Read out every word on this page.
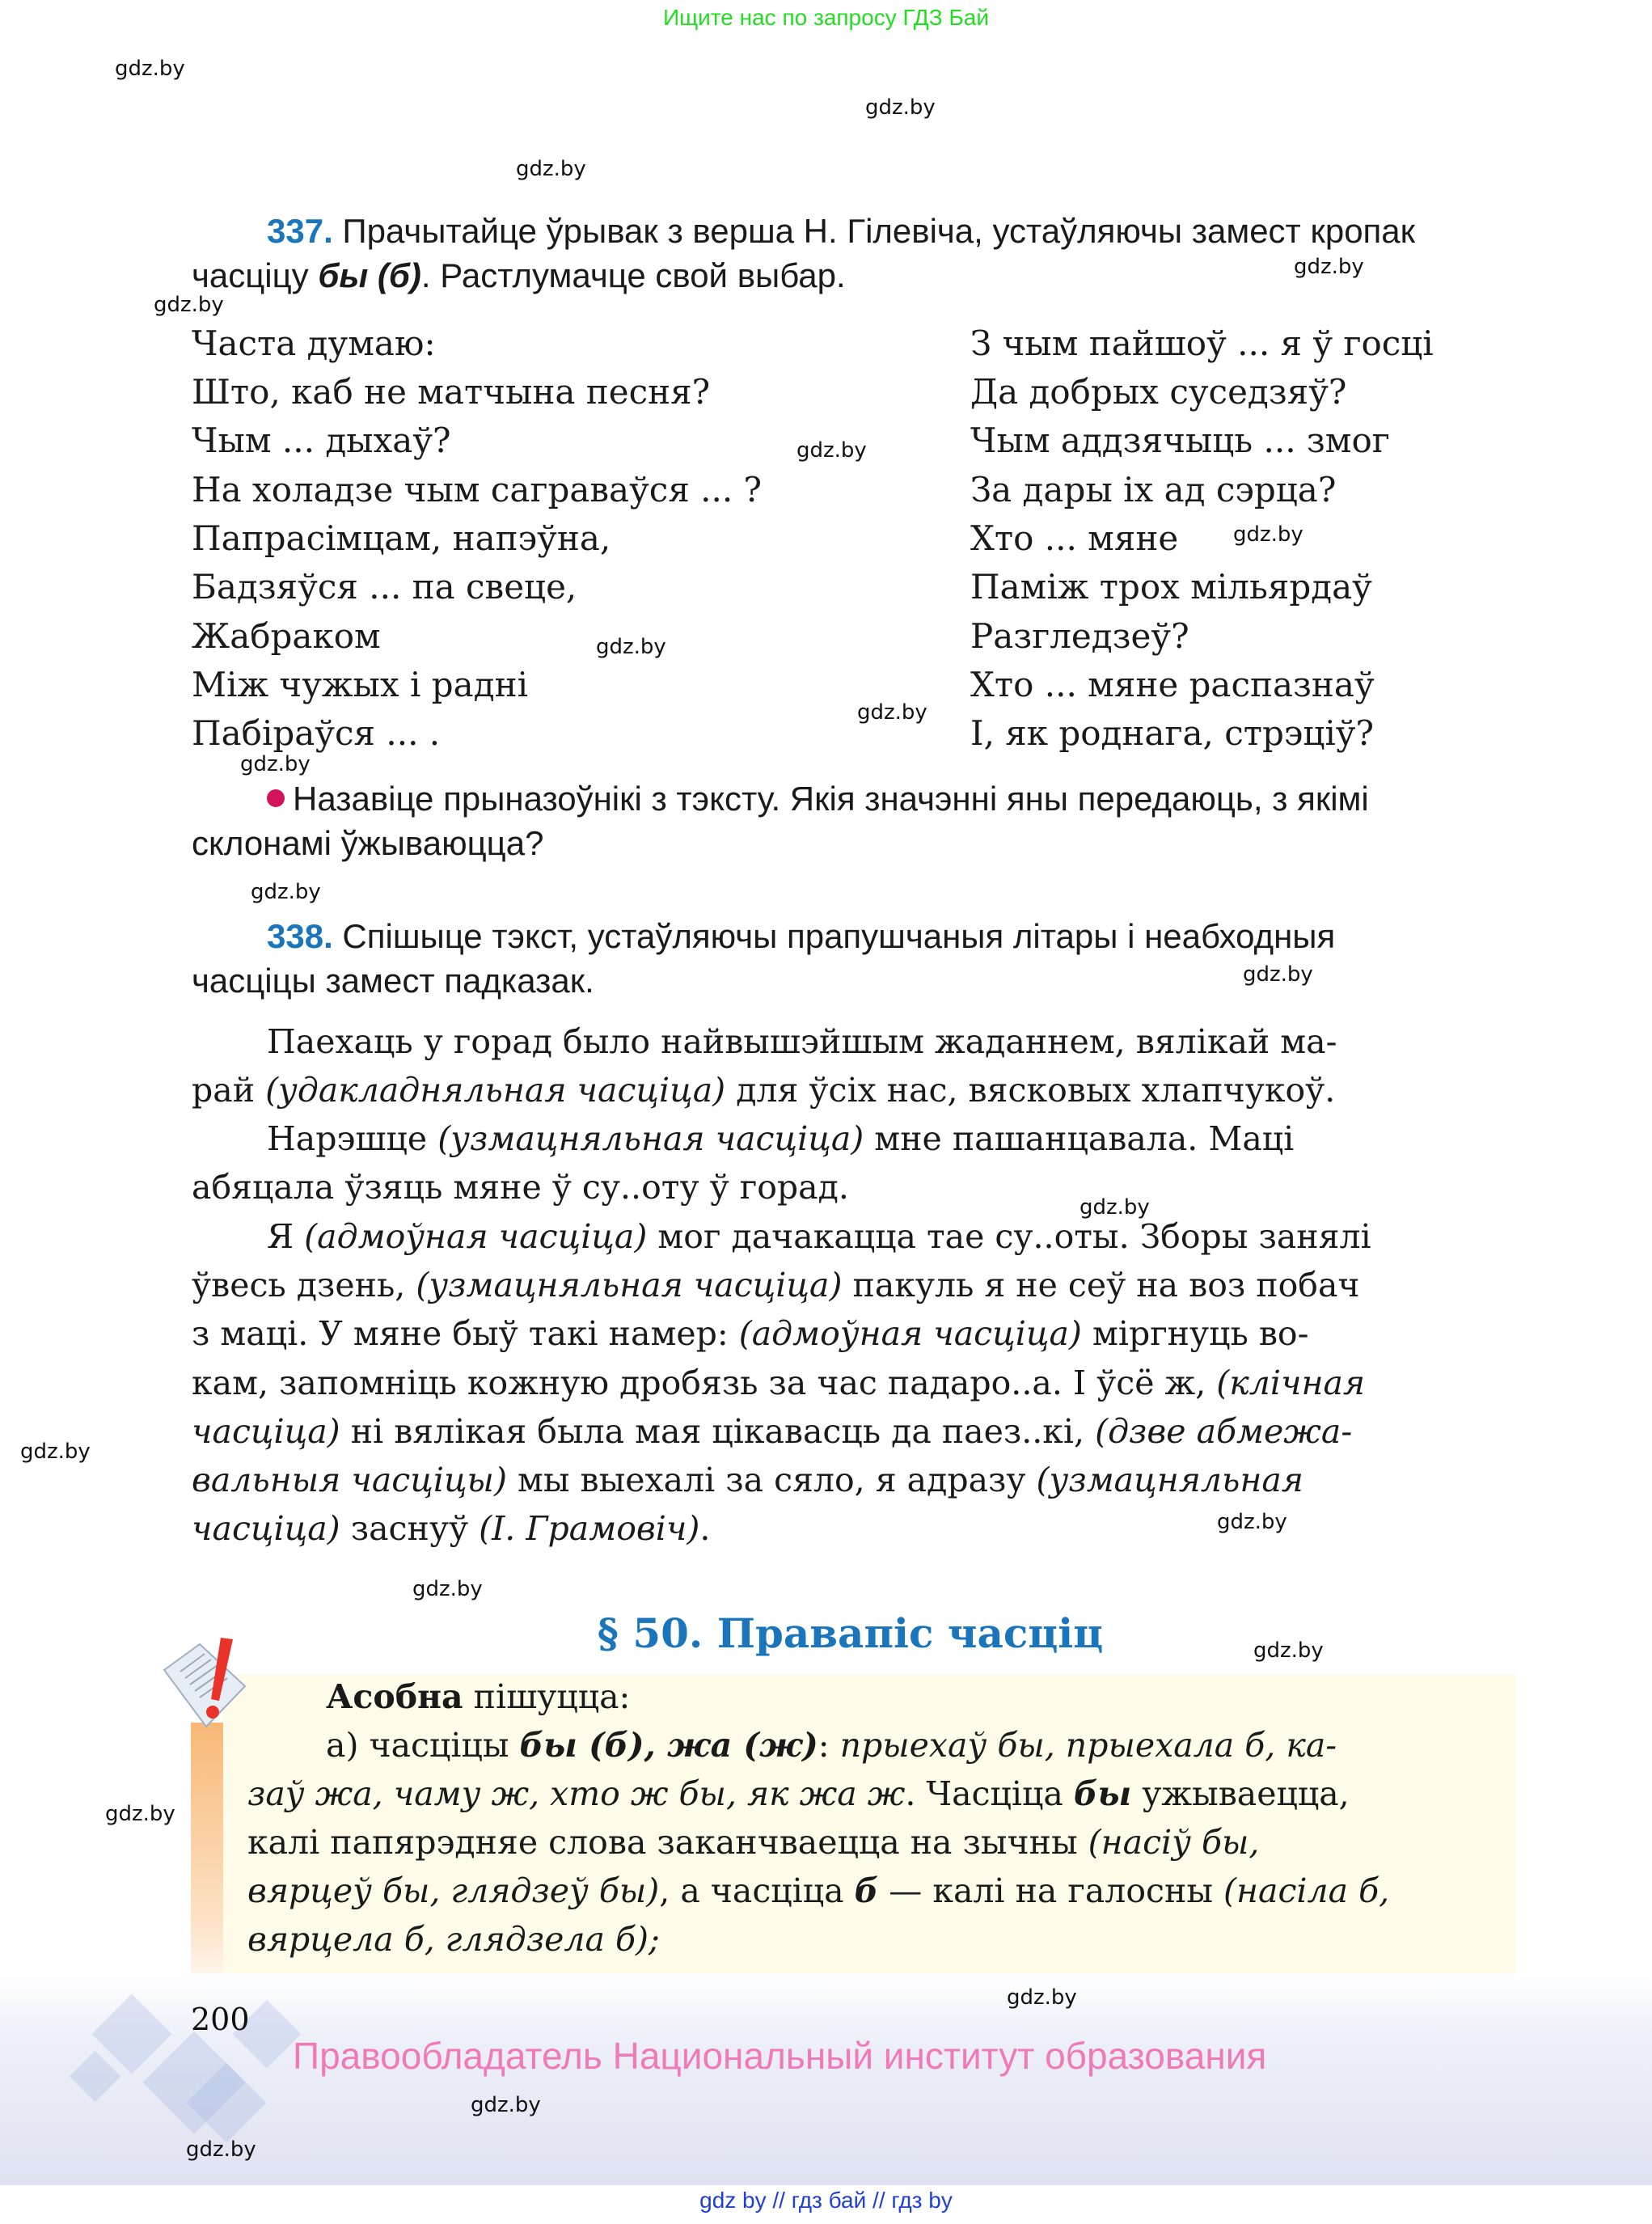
Ищите нас по запросу ГДЗ Бай
gdz.by
gdz.by
gdz.by
gdz.by
gdz.by
gdz.by
gdz.by
gdz.by
gdz.by
gdz.by
gdz.by
gdz.by
gdz.by
gdz.by
gdz.by
gdz.by
gdz.by
gdz.by
337. Прачытайце ўрывак з верша Н. Гілевіча, устаўляючы замест кропак
часціцу бы (б). Растлумачце свой выбар.
Часта думаю:
Што, каб не матчына песня?
Чым ... дыхаў?
На холадзе чым саграваўся ... ?
Папрасімцам, напэўна,
Бадзяўся ... па свеце,
Жабраком
Між чужых і радні
Пабіраўся ... .
З чым пайшоў ... я ў госці
Да добрых суседзяў?
Чым аддзячыць ... змог
За дары іх ад сэрца?
Хто ... мяне
Паміж трох мільярдаў
Разгледзеў?
Хто ... мяне распазнаў
І, як роднага, стрэціў?
Назавіце прыназоўнікі з тэксту. Якія значэнні яны передаюць, з якімі
склонамі ўжываюцца?
338. Спішыце тэкст, устаўляючы прапушчаныя літары і неабходныя
часціцы замест падказак.
Паехаць у горад было найвышэйшым жаданнем, вялікай ма-
рай (удакладняльная часціца) для ўсіх нас, вясковых хлапчукоў.
Нарэшце (узмацняльная часціца) мне пашанцавала. Маці
абяцала ўзяць мяне ў су..оту ў горад.
Я (адмоўная часціца) мог дачакацца тае су..оты. Зборы занялі
ўвесь дзень, (узмацняльная часціца) пакуль я не сеў на воз побач
з маці. У мяне быў такі намер: (адмоўная часціца) міргнуць во-
кам, запомніць кожную дробязь за час падаро..а. І ўсё ж, (клічная
часціца) ні вялікая была мая цікавасць да паез..кі, (дзве абмежа-
вальныя часціцы) мы выехалі за сяло, я адразу (узмацняльная
часціца) заснуў (І. Грамовіч).
§ 50. Правапіс часціц
Асобна пішуцца:
а) часціцы бы (б), жа (ж): прыехаў бы, прыехала б, ка-
заў жа, чаму ж, хто ж бы, як жа ж. Часціца бы ужываецца,
калі папярэдняе слова заканчваецца на зычны (насіў бы,
вярцеў бы, глядзеў бы), а часціца б — калі на галосны (насіла б,
вярцела б, глядзела б);
200
Правообладатель Национальный институт образования
gdz.by
gdz.by
gdz.by
gdz by // гдз бай // гдз by
